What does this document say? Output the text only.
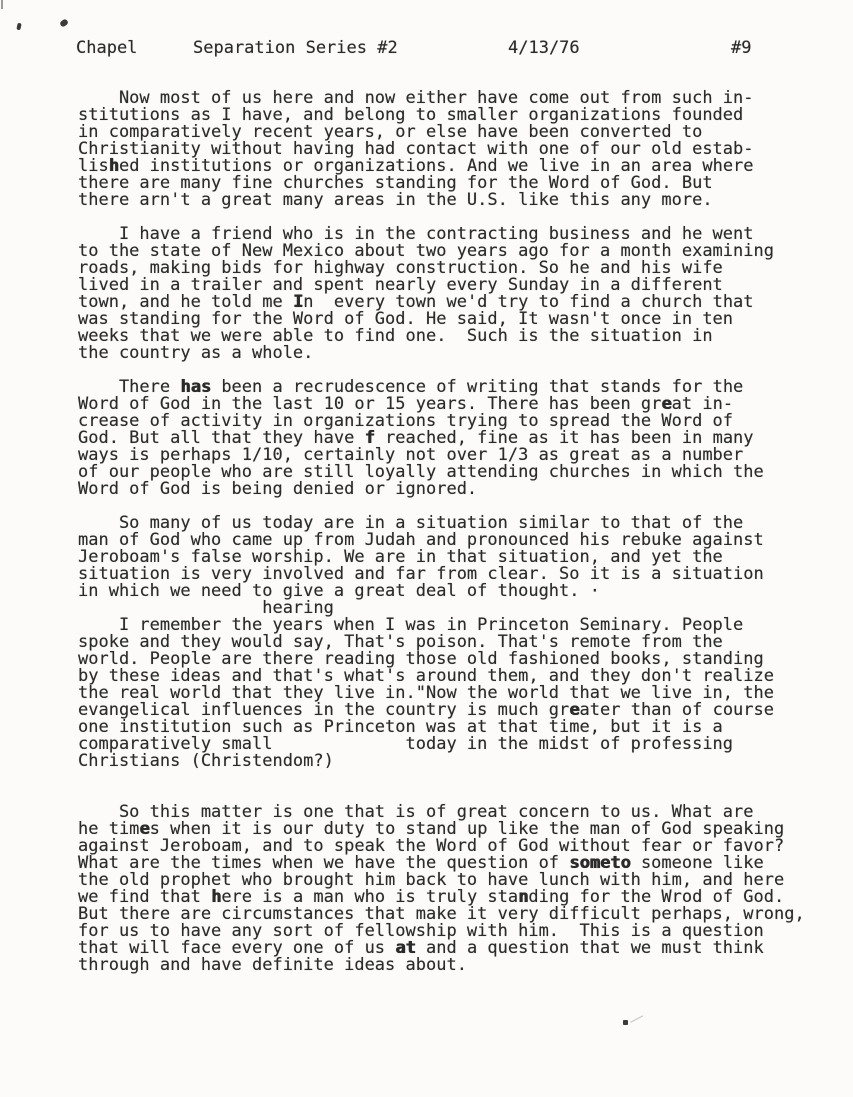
Chapel

	Separation Series #2

	4/13/76

	#9

Now most of us here and now either have come out from such in-
stitutions as I have, and belong to smaller organizations founded
in comparatively recent years, or else have been converted to
Christianity without having had contact with one of our old estab-
lished institutions or organizations. And we live in an area where
there are many fine churches standing for the Word of God. But
there arn't a great many areas in the U.S. like this any more.

I have a friend who is in the contracting business and he went
to the state of New Mexico about two years ago for a month examining
roads, making bids for highway construction. So he and his wife
lived in a trailer and spent nearly every Sunday in a different
town, and he told me In  every town we'd try to find a church that
was standing for the Word of God. He said, It wasn't once in ten
weeks that we were able to find one.  Such is the situation in
the country as a whole.

There has been a recrudescence of writing that stands for the
Word of God in the last 10 or 15 years. There has been great in-
crease of activity in organizations trying to spread the Word of
God. But all that they have f reached, fine as it has been in many
ways is perhaps 1/10, certainly not over 1/3 as great as a number
of our people who are still loyally attending churches in which the
Word of God is being denied or ignored.

So many of us today are in a situation similar to that of the
man of God who came up from Judah and pronounced his rebuke against
Jeroboam's false worship. We are in that situation, and yet the
situation is very involved and far from clear. So it is a situation
in which we need to give a great deal of thought. ·
hearing
I remember the years when I was in Princeton Seminary. People
spoke and they would say, That's poison. That's remote from the
world. People are there reading those old fashioned books, standing
by these ideas and that's what's around them, and they don't realize
the real world that they live in."Now the world that we live in, the
evangelical influences in the country is much greater than of course
one institution such as Princeton was at that time, but it is a
comparatively small             today in the midst of professing
Christians (Christendom?)

So this matter is one that is of great concern to us. What are
he times when it is our duty to stand up like the man of God speaking
against Jeroboam, and to speak the Word of God without fear or favor?
What are the times when we have the question of someto someone like
the old prophet who brought him back to have lunch with him, and here
we find that here is a man who is truly standing for the Wrod of God.
But there are circumstances that make it very difficult perhaps, wrong,
for us to have any sort of fellowship with him.  This is a question
that will face every one of us at and a question that we must think
through and have definite ideas about.
